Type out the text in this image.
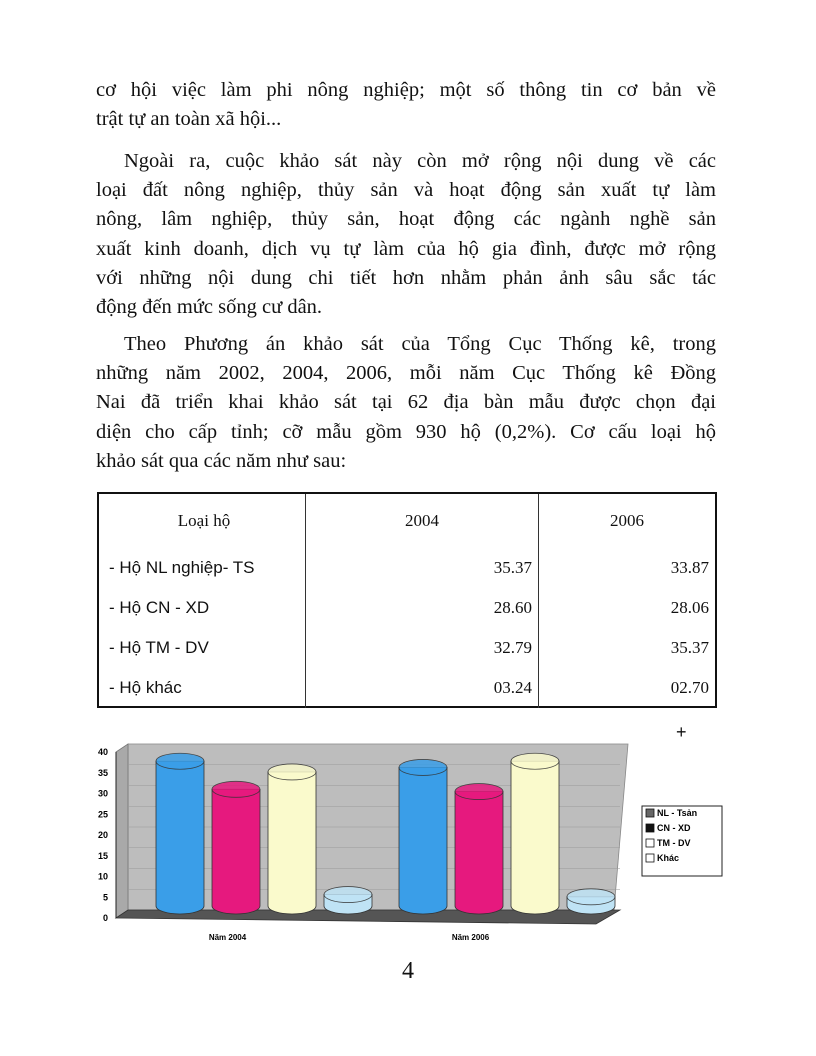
cơ hội việc làm phi nông nghiệp; một số thông tin cơ bản về
trật tự an toàn xã hội...
Ngoài ra, cuộc khảo sát này còn mở rộng nội dung về các
loại đất nông nghiệp, thủy sản và hoạt động sản xuất tự làm
nông, lâm nghiệp, thủy sản, hoạt động các ngành nghề sản
xuất kinh doanh, dịch vụ tự làm của hộ gia đình, được mở rộng
với những nội dung chi tiết hơn nhằm phản ảnh sâu sắc tác
động đến mức sống cư dân.
Theo Phương án khảo sát của Tổng Cục Thống kê, trong
những năm 2002, 2004, 2006, mỗi năm Cục Thống kê Đồng
Nai đã triển khai khảo sát tại 62 địa bàn mẫu được chọn đại
diện cho cấp tỉnh; cỡ mẫu gồm 930 hộ (0,2%). Cơ cấu loại hộ
khảo sát qua các năm như sau:
Loại hộ	2004	2006
- Hộ NL nghiệp- TS	35.37	33.87
- Hộ CN - XD	28.60	28.06
- Hộ TM - DV	32.79	35.37
- Hộ khác	03.24	02.70
+
0
5
10
15
20
25
30
35
40
Năm 2004	Năm 2006
NL - Tsản
CN - XD
TM - DV
Khác
4
